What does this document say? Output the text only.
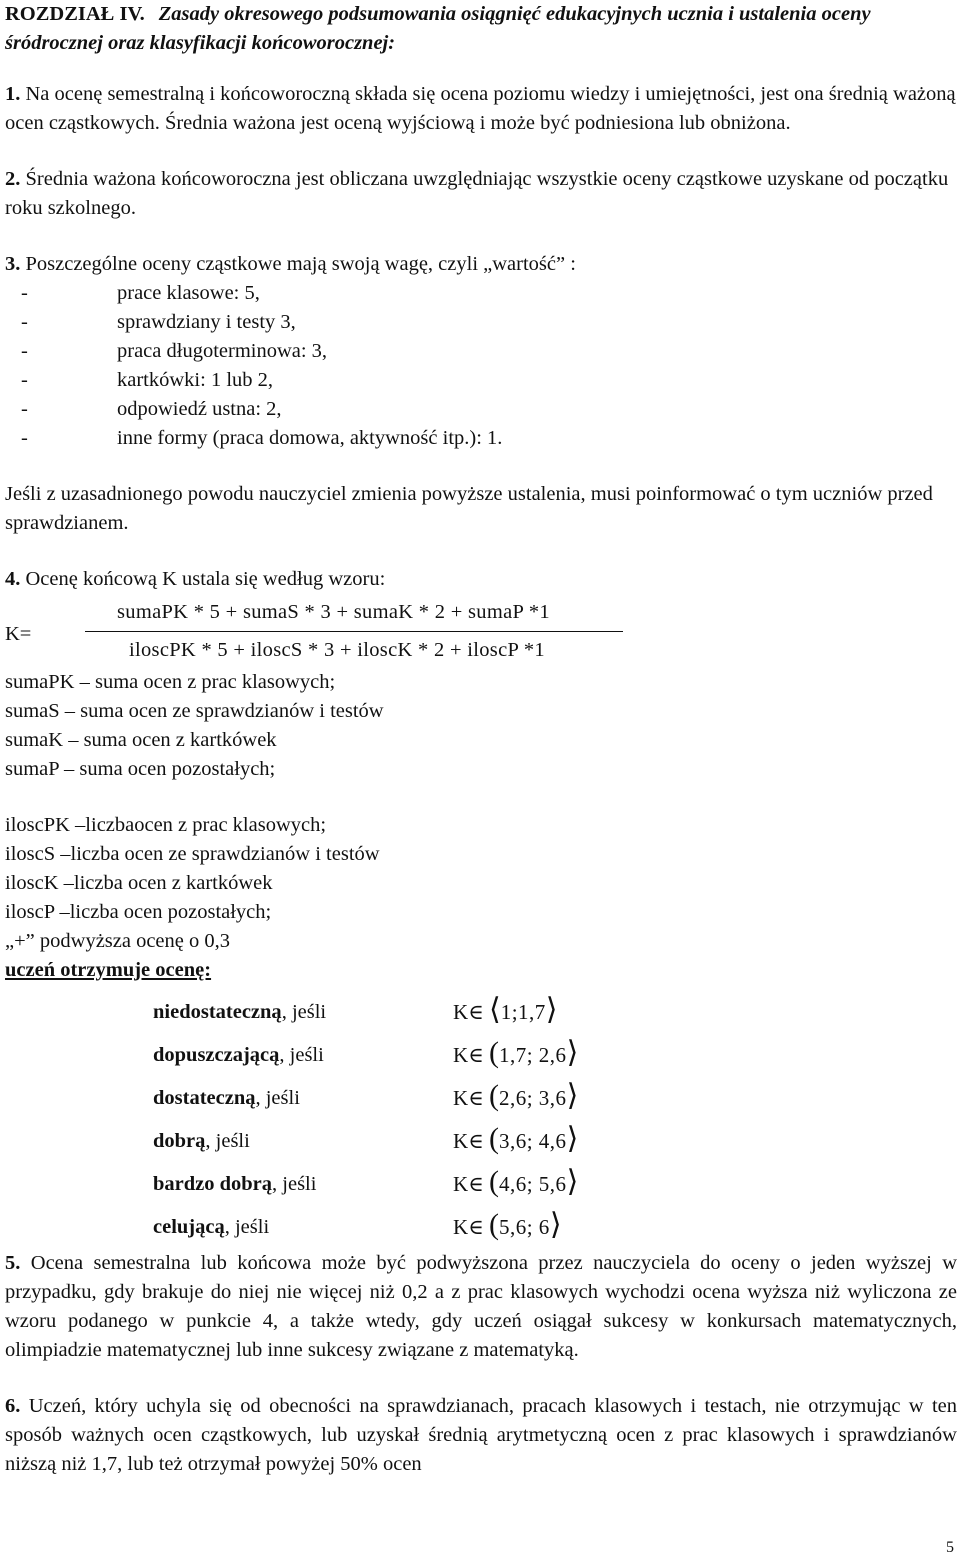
ROZDZIAŁ IV. Zasady okresowego podsumowania osiągnięć edukacyjnych ucznia i ustalenia oceny śródrocznej oraz klasyfikacji końcoworocznej:

1. Na ocenę semestralną i końcoworoczną składa się ocena poziomu wiedzy i umiejętności, jest ona średnią ważoną ocen cząstkowych. Średnia ważona jest oceną wyjściową i może być podniesiona lub obniżona.

2. Średnia ważona końcoworoczna jest obliczana uwzględniając wszystkie oceny cząstkowe uzyskane od początku roku szkolnego.

3. Poszczególne oceny cząstkowe mają swoją wagę, czyli „wartość” :

-	prace klasowe: 5,
-	sprawdziany i testy 3,
-	praca długoterminowa: 3,
-	kartkówki: 1 lub 2,
-	odpowiedź ustna: 2,
-	inne formy (praca domowa, aktywność itp.): 1.

Jeśli z uzasadnionego powodu nauczyciel zmienia powyższe ustalenia, musi poinformować o tym uczniów przed sprawdzianem.

4. Ocenę końcową K ustala się według wzoru:

K=
sumaPK * 5 + sumaS * 3 + sumaK * 2 + sumaP *1
iloscPK * 5 + iloscS * 3 + iloscK * 2 + iloscP *1

sumaPK – suma ocen z prac klasowych;

sumaS – suma ocen ze sprawdzianów i testów

sumaK – suma ocen z kartkówek

sumaP – suma ocen pozostałych;

iloscPK –liczbaocen z prac klasowych;

iloscS –liczba ocen ze sprawdzianów i testów

iloscK –liczba ocen z kartkówek

iloscP –liczba ocen pozostałych;

„+” podwyższa ocenę o 0,3

uczeń otrzymuje ocenę:

niedostateczną, jeśli	K∈ ⟨1;1,7⟩
dopuszczającą, jeśli	K∈ (1,7; 2,6⟩
dostateczną, jeśli	K∈ (2,6; 3,6⟩
dobrą, jeśli	K∈ (3,6; 4,6⟩
bardzo dobrą, jeśli	K∈ (4,6; 5,6⟩
celującą, jeśli	K∈ (5,6; 6⟩

5. Ocena semestralna lub końcowa może być podwyższona przez nauczyciela do oceny o jeden wyższej w przypadku, gdy brakuje do niej nie więcej niż 0,2 a z prac klasowych wychodzi ocena wyższa niż wyliczona ze wzoru podanego w punkcie 4, a także wtedy, gdy uczeń osiągał sukcesy w konkursach matematycznych, olimpiadzie matematycznej lub inne sukcesy związane z matematyką.

6. Uczeń, który uchyla się od obecności na sprawdzianach, pracach klasowych i testach, nie otrzymując w ten sposób ważnych ocen cząstkowych, lub uzyskał średnią arytmetyczną ocen z prac klasowych i sprawdzianów niższą niż 1,7, lub też otrzymał powyżej 50% ocen

5
